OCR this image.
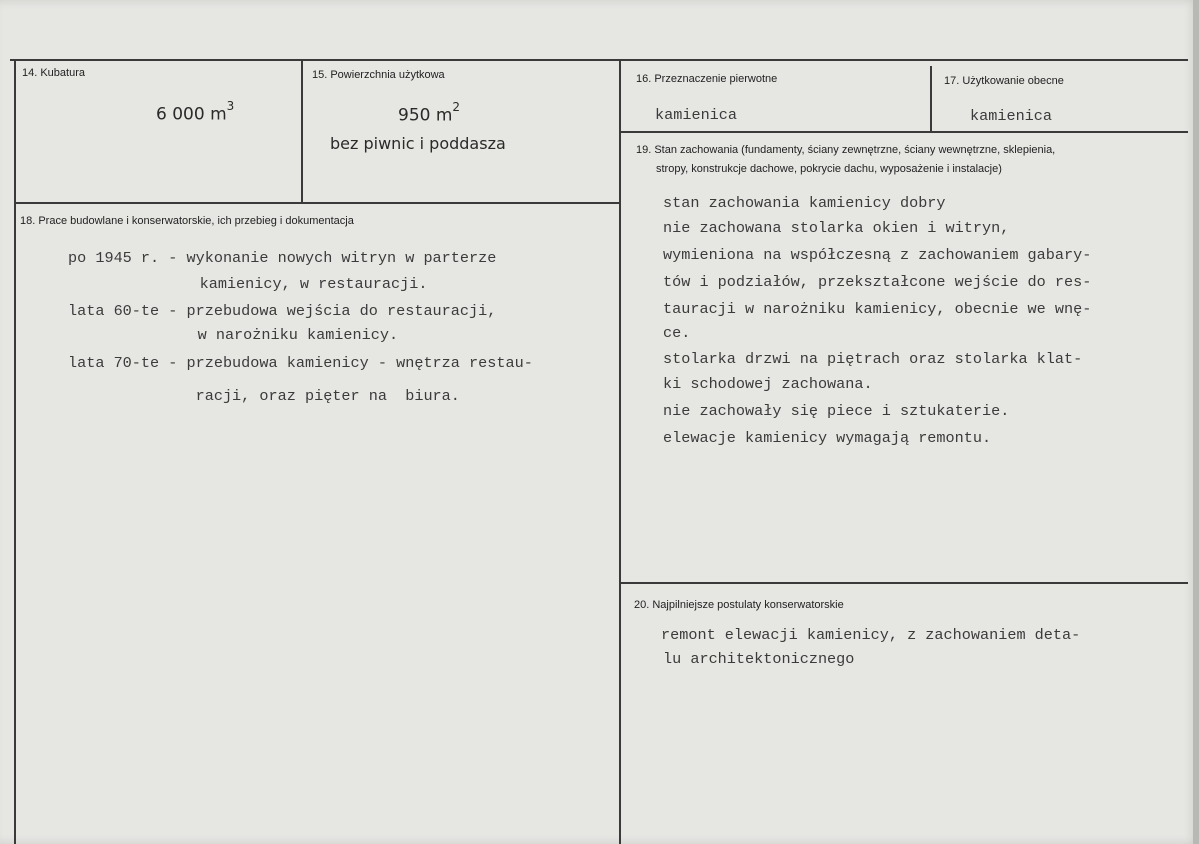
14. Kubatura
6 000 $m^3$
15. Powierzchnia użytkowa
950 $m^2$
bez piwnic i poddasza
16. Przeznaczenie pierwotne
kamienica
17. Użytkowanie obecne
kamienica
18. Prace budowlane i konserwatorskie, ich przebieg i dokumentacja
po 1945 r. - wykonanie nowych witryn w parterze
kamienicy, w restauracji.
lata 60-te - przebudowa wejścia do restauracji,
w narożniku kamienicy.
lata 70-te - przebudowa kamienicy - wnętrza restau-
racji, oraz pięter na  biura.
19. Stan zachowania (fundamenty, ściany zewnętrzne, ściany wewnętrzne, sklepienia,
stropy, konstrukcje dachowe, pokrycie dachu, wyposażenie i instalacje)
stan zachowania kamienicy dobry
nie zachowana stolarka okien i witryn,
wymieniona na współczesną z zachowaniem gabary-
tów i podziałów, przekształcone wejście do res-
tauracji w narożniku kamienicy, obecnie we wnę-
ce.
stolarka drzwi na piętrach oraz stolarka klat-
ki schodowej zachowana.
nie zachowały się piece i sztukaterie.
elewacje kamienicy wymagają remontu.
20. Najpilniejsze postulaty konserwatorskie
remont elewacji kamienicy, z zachowaniem deta-
lu architektonicznego
